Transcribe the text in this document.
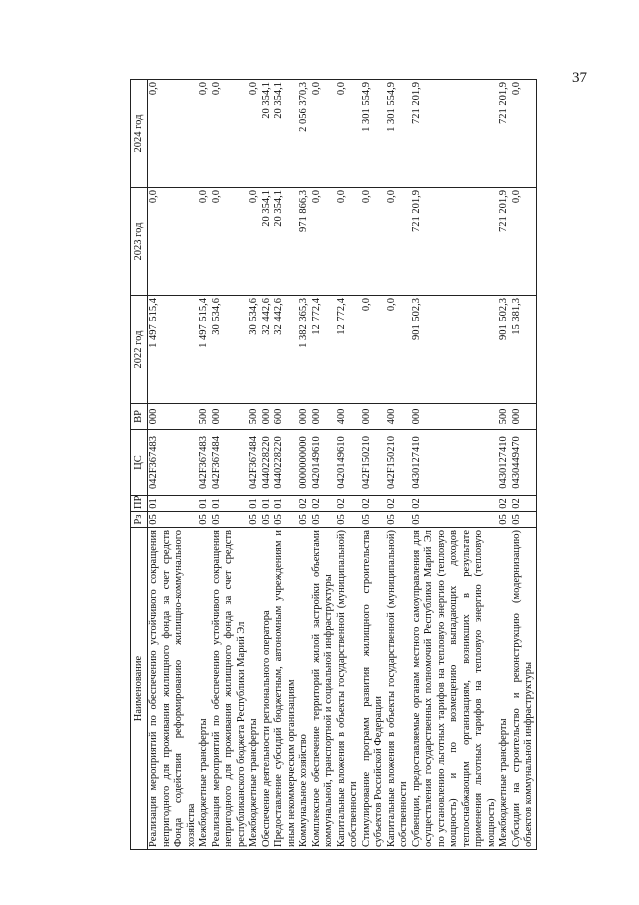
37
Наименование	Рз	ПР	ЦС	ВР	2022 год	2023 год	2024 год
Реализация мероприятий по обеспечению устойчивого сокращения непригодного для проживания жилищного фонда за счет средств Фонда содействия реформированию жилищно-коммунального хозяйства	05	01	042F367483	000	1 497 515,4	0,0	0,0
Межбюджетные трансферты	05	01	042F367483	500	1 497 515,4	0,0	0,0
Реализация мероприятий по обеспечению устойчивого сокращения непригодного для проживания жилищного фонда за счет средств республиканского бюджета Республики Марий Эл	05	01	042F367484	000	30 534,6	0,0	0,0
Межбюджетные трансферты	05	01	042F367484	500	30 534,6	0,0	0,0
Обеспечение деятельности регионального оператора	05	01	0440228220	000	32 442,6	20 354,1	20 354,1
Предоставление субсидий бюджетным, автономным учреждениям и иным некоммерческим организациям	05	01	0440228220	600	32 442,6	20 354,1	20 354,1
Коммунальное хозяйство	05	02	0000000000	000	1 382 365,3	971 866,3	2 056 370,3
Комплексное обеспечение территорий жилой застройки объектами коммунальной, транспортной и социальной инфраструктуры	05	02	0420149610	000	12 772,4	0,0	0,0
Капитальные вложения в объекты государственной (муниципальной) собственности	05	02	0420149610	400	12 772,4	0,0	0,0
Стимулирование программ развития жилищного строительства субъектов Российской Федерации	05	02	042F150210	000	0,0	0,0	1 301 554,9
Капитальные вложения в объекты государственной (муниципальной) собственности	05	02	042F150210	400	0,0	0,0	1 301 554,9
Субвенции, предоставляемые органам местного самоуправления для осуществления государственных полномочий Республики Марий Эл по установлению льготных тарифов на тепловую энергию (тепловую мощность) и по возмещению выпадающих доходов теплоснабжающим организациям, возникших в результате применения льготных тарифов на тепловую энергию (тепловую мощность)	05	02	0430127410	000	901 502,3	721 201,9	721 201,9
Межбюджетные трансферты	05	02	0430127410	500	901 502,3	721 201,9	721 201,9
Субсидии на строительство и реконструкцию (модернизацию) объектов коммунальной инфраструктуры	05	02	0430449470	000	15 381,3	0,0	0,0
